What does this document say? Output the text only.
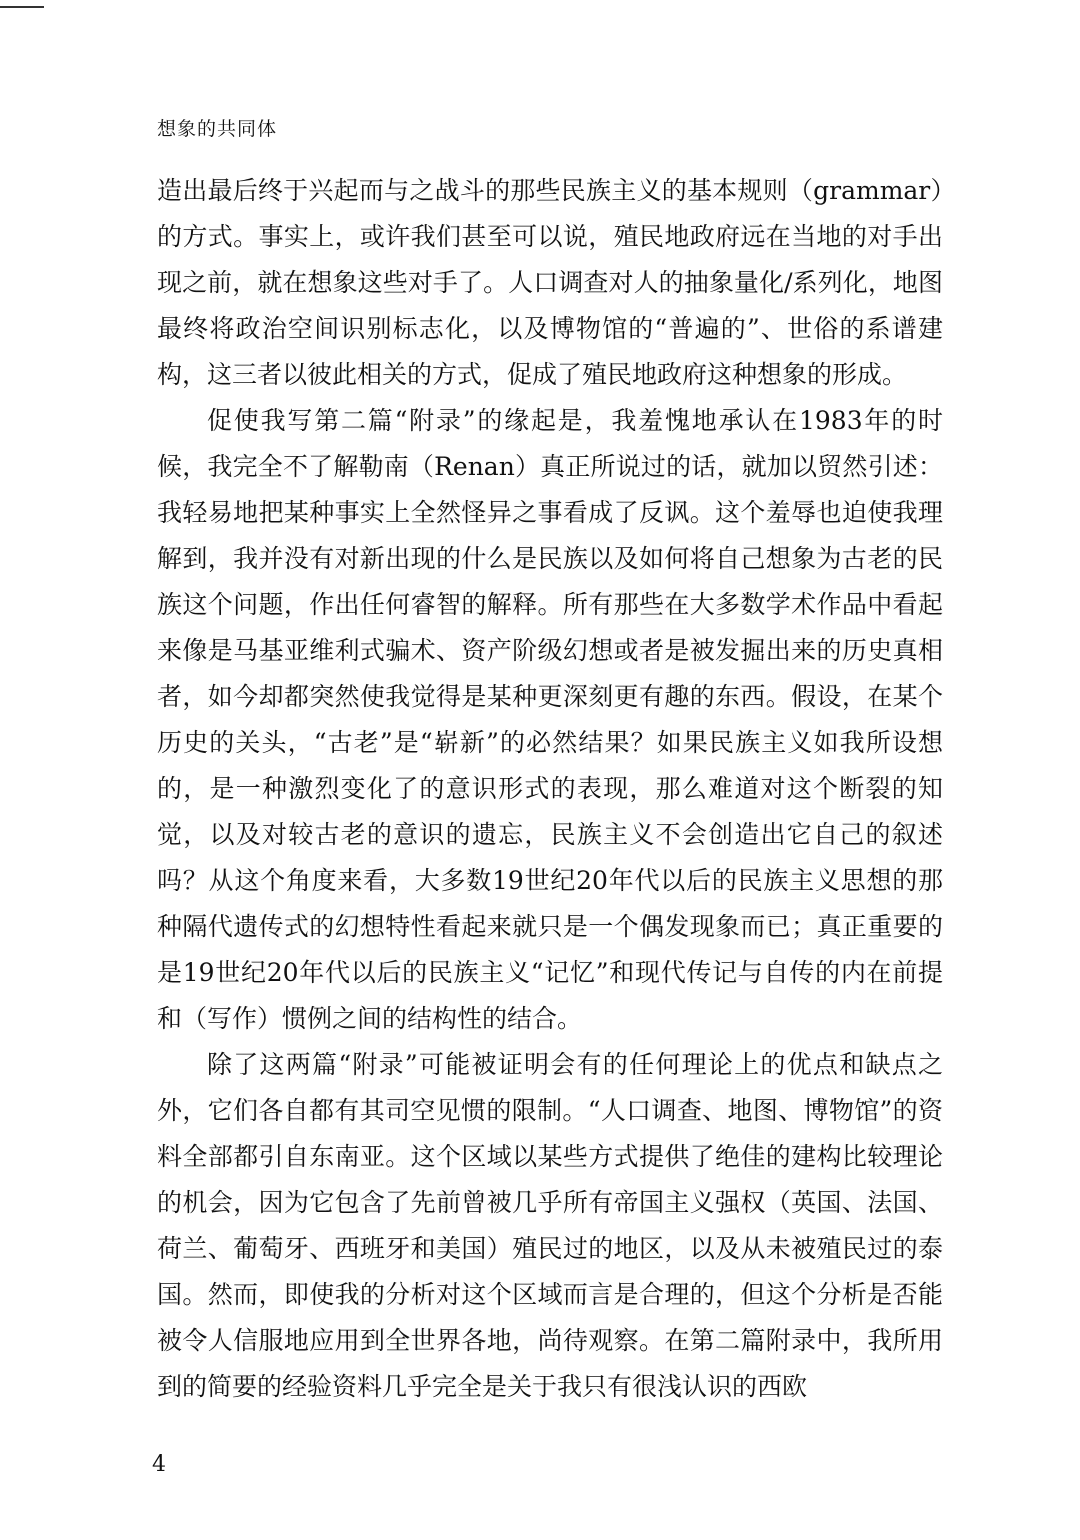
想象的共同体

造出最后终于兴起而与之战斗的那些民族主义的基本规则（grammar）的方式。事实上，或许我们甚至可以说，殖民地政府远在当地的对手出现之前，就在想象这些对手了。人口调查对人的抽象量化/系列化，地图最终将政治空间识别标志化，以及博物馆的“普遍的”、世俗的系谱建构，这三者以彼此相关的方式，促成了殖民地政府这种想象的形成。

促使我写第二篇“附录”的缘起是，我羞愧地承认在1983年的时候，我完全不了解勒南（Renan）真正所说过的话，就加以贸然引述：我轻易地把某种事实上全然怪异之事看成了反讽。这个羞辱也迫使我理解到，我并没有对新出现的什么是民族以及如何将自己想象为古老的民族这个问题，作出任何睿智的解释。所有那些在大多数学术作品中看起来像是马基亚维利式骗术、资产阶级幻想或者是被发掘出来的历史真相者，如今却都突然使我觉得是某种更深刻更有趣的东西。假设，在某个历史的关头，“古老”是“崭新”的必然结果？如果民族主义如我所设想的，是一种激烈变化了的意识形式的表现，那么难道对这个断裂的知觉，以及对较古老的意识的遗忘，民族主义不会创造出它自己的叙述吗？从这个角度来看，大多数19世纪20年代以后的民族主义思想的那种隔代遗传式的幻想特性看起来就只是一个偶发现象而已；真正重要的是19世纪20年代以后的民族主义“记忆”和现代传记与自传的内在前提和（写作）惯例之间的结构性的结合。

除了这两篇“附录”可能被证明会有的任何理论上的优点和缺点之外，它们各自都有其司空见惯的限制。“人口调查、地图、博物馆”的资料全部都引自东南亚。这个区域以某些方式提供了绝佳的建构比较理论的机会，因为它包含了先前曾被几乎所有帝国主义强权（英国、法国、荷兰、葡萄牙、西班牙和美国）殖民过的地区，以及从未被殖民过的泰国。然而，即使我的分析对这个区域而言是合理的，但这个分析是否能被令人信服地应用到全世界各地，尚待观察。在第二篇附录中，我所用到的简要的经验资料几乎完全是关于我只有很浅认识的西欧

4
